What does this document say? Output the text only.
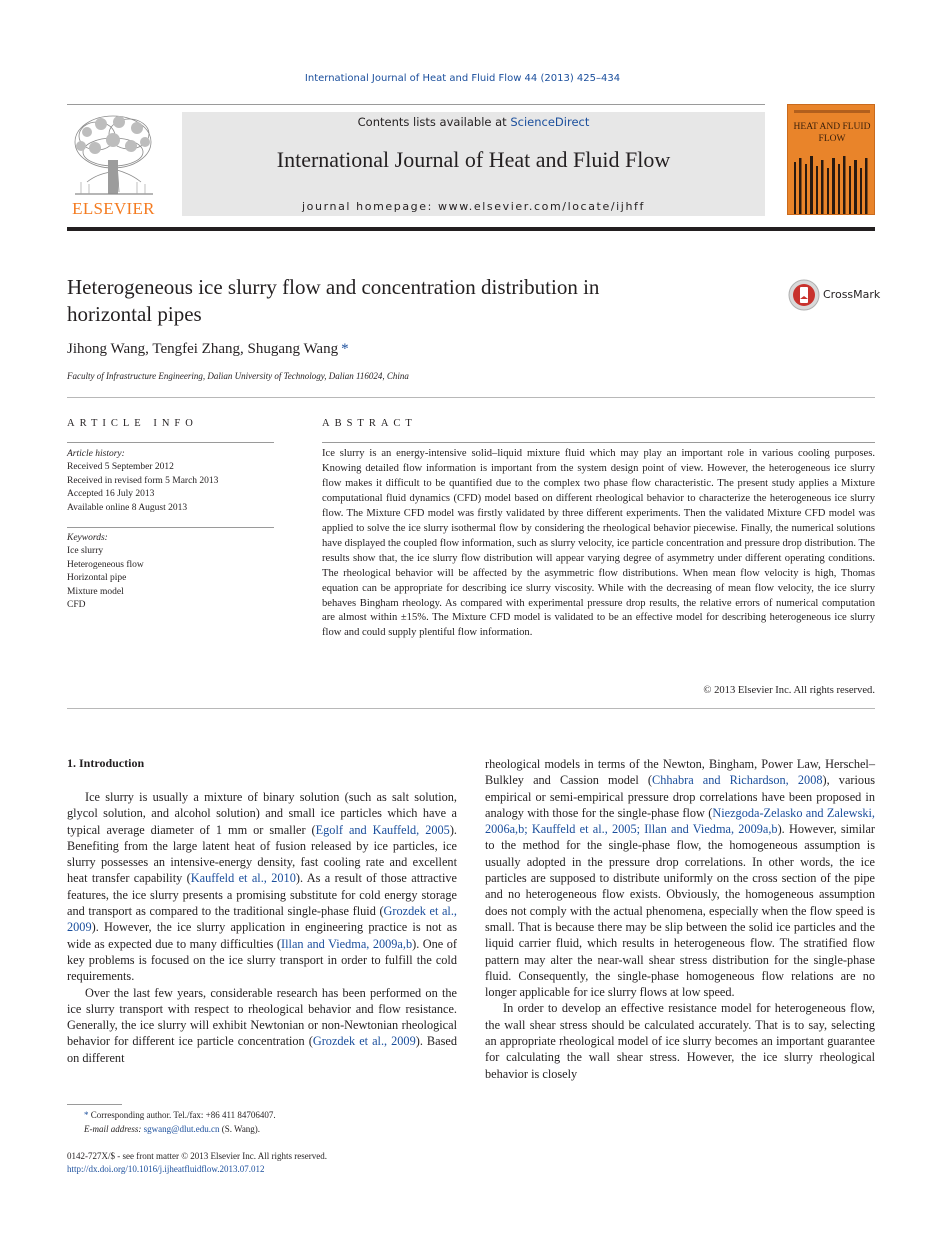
International Journal of Heat and Fluid Flow 44 (2013) 425–434
ELSEVIER
Contents lists available at ScienceDirect
International Journal of Heat and Fluid Flow
journal homepage: www.elsevier.com/locate/ijhff
HEAT AND FLUID FLOW
Heterogeneous ice slurry flow and concentration distribution in horizontal pipes
CrossMark
Jihong Wang, Tengfei Zhang, Shugang Wang *
Faculty of Infrastructure Engineering, Dalian University of Technology, Dalian 116024, China
ARTICLE INFO	ABSTRACT
Article history:
Received 5 September 2012
Received in revised form 5 March 2013
Accepted 16 July 2013
Available online 8 August 2013
Keywords:
Ice slurry
Heterogeneous flow
Horizontal pipe
Mixture model
CFD
Ice slurry is an energy-intensive solid–liquid mixture fluid which may play an important role in various cooling purposes. Knowing detailed flow information is important from the system design point of view. However, the heterogeneous ice slurry flow makes it difficult to be quantified due to the complex two phase flow characteristic. The present study applies a Mixture computational fluid dynamics (CFD) model based on different rheological behavior to characterize the heterogeneous ice slurry flow. The Mixture CFD model was firstly validated by three different experiments. Then the validated Mixture CFD model was applied to solve the ice slurry isothermal flow by considering the rheological behavior piecewise. Finally, the numerical solutions have displayed the coupled flow information, such as slurry velocity, ice particle concentration and pressure drop distribution. The results show that, the ice slurry flow distribution will appear varying degree of asymmetry under different operating conditions. The rheological behavior will be affected by the asymmetric flow distributions. When mean flow velocity is high, Thomas equation can be appropriate for describing ice slurry viscosity. While with the decreasing of mean flow velocity, the ice slurry behaves Bingham rheology. As compared with experimental pressure drop results, the relative errors of numerical computation are almost within ±15%. The Mixture CFD model is validated to be an effective model for describing heterogeneous ice slurry flow and could supply plentiful flow information.
© 2013 Elsevier Inc. All rights reserved.
1. Introduction

Ice slurry is usually a mixture of binary solution (such as salt solution, glycol solution, and alcohol solution) and small ice particles which have a typical average diameter of 1 mm or smaller (Egolf and Kauffeld, 2005). Benefiting from the large latent heat of fusion released by ice particles, ice slurry possesses an intensive-energy density, fast cooling rate and excellent heat transfer capability (Kauffeld et al., 2010). As a result of those attractive features, the ice slurry presents a promising substitute for cold energy storage and transport as compared to the traditional single-phase fluid (Grozdek et al., 2009). However, the ice slurry application in engineering practice is not as wide as expected due to many difficulties (Illan and Viedma, 2009a,b). One of key problems is focused on the ice slurry transport in order to fulfill the cold requirements.

Over the last few years, considerable research has been performed on the ice slurry transport with respect to rheological behavior and flow resistance. Generally, the ice slurry will exhibit Newtonian or non-Newtonian rheological behavior for different ice particle concentration (Grozdek et al., 2009). Based on different

rheological models in terms of the Newton, Bingham, Power Law, Herschel–Bulkley and Cassion model (Chhabra and Richardson, 2008), various empirical or semi-empirical pressure drop correlations have been proposed in analogy with those for the single-phase flow (Niezgoda-Zelasko and Zalewski, 2006a,b; Kauffeld et al., 2005; Illan and Viedma, 2009a,b). However, similar to the method for the single-phase flow, the homogeneous assumption is usually adopted in the pressure drop correlations. In other words, the ice particles are supposed to distribute uniformly on the cross section of the pipe and no heterogeneous flow exists. Obviously, the homogeneous assumption does not comply with the actual phenomena, especially when the flow speed is small. That is because there may be slip between the solid ice particles and the liquid carrier fluid, which results in heterogeneous flow. The stratified flow pattern may alter the near-wall shear stress distribution for the single-phase fluid. Consequently, the single-phase homogeneous flow relations are no longer applicable for ice slurry flows at low speed.

In order to develop an effective resistance model for heterogeneous flow, the wall shear stress should be calculated accurately. That is to say, selecting an appropriate rheological model of ice slurry becomes an important guarantee for calculating the wall shear stress. However, the ice slurry rheological behavior is closely

* Corresponding author. Tel./fax: +86 411 84706407.
E-mail address: sgwang@dlut.edu.cn (S. Wang).
0142-727X/$ - see front matter © 2013 Elsevier Inc. All rights reserved.
http://dx.doi.org/10.1016/j.ijheatfluidflow.2013.07.012
